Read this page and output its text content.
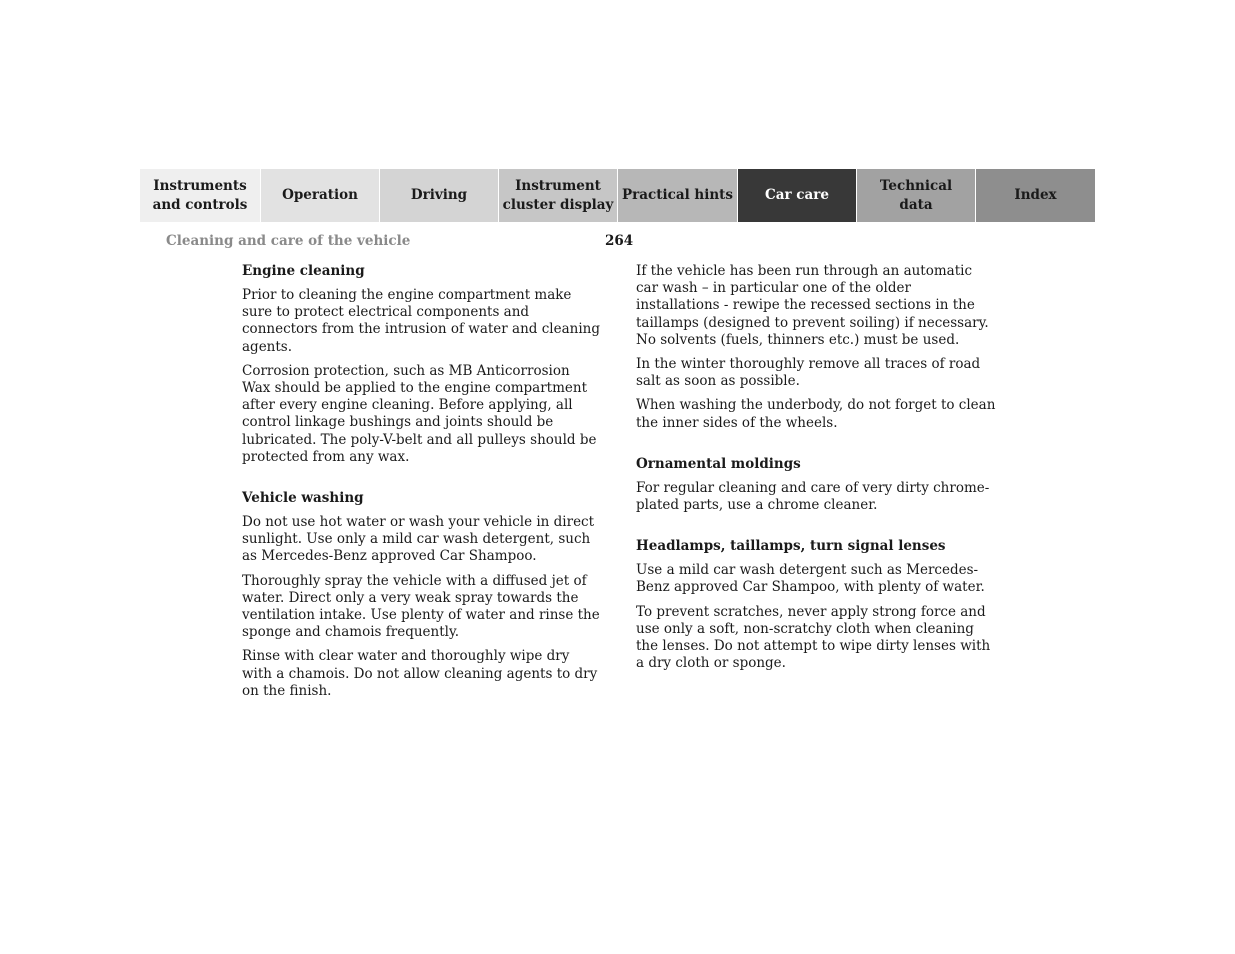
Instruments
and controls
Operation	Driving
Instrument
cluster display
Practical hints	Car care
Technical
data
Index
Cleaning and care of the vehicle	264
Engine cleaning

Prior to cleaning the engine compartment make sure to protect electrical components and connectors from the intrusion of water and cleaning agents.

Corrosion protection, such as MB Anticorrosion Wax should be applied to the engine compartment after every engine cleaning. Before applying, all control linkage bushings and joints should be lubricated. The poly-V-belt and all pulleys should be protected from any wax.

Vehicle washing

Do not use hot water or wash your vehicle in direct sunlight. Use only a mild car wash detergent, such as Mercedes-Benz approved Car Shampoo.

Thoroughly spray the vehicle with a diffused jet of water. Direct only a very weak spray towards the ventilation intake. Use plenty of water and rinse the sponge and chamois frequently.

Rinse with clear water and thoroughly wipe dry with a chamois. Do not allow cleaning agents to dry on the finish.

If the vehicle has been run through an automatic car wash – in particular one of the older installations - rewipe the recessed sections in the taillamps (designed to prevent soiling) if necessary. No solvents (fuels, thinners etc.) must be used.

In the winter thoroughly remove all traces of road salt as soon as possible.

When washing the underbody, do not forget to clean the inner sides of the wheels.

Ornamental moldings

For regular cleaning and care of very dirty chrome-plated parts, use a chrome cleaner.

Headlamps, taillamps, turn signal lenses

Use a mild car wash detergent such as Mercedes-Benz approved Car Shampoo, with plenty of water.

To prevent scratches, never apply strong force and use only a soft, non-scratchy cloth when cleaning the lenses. Do not attempt to wipe dirty lenses with a dry cloth or sponge.
